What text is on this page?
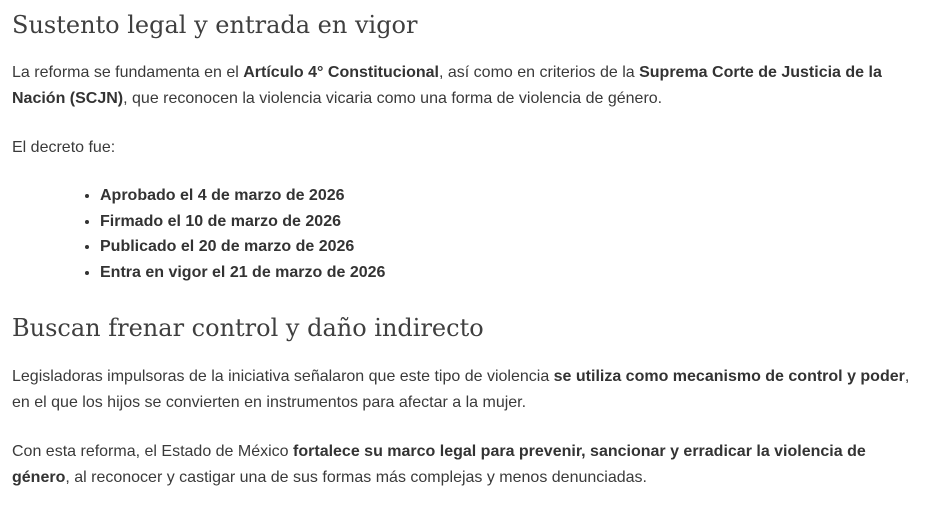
Sustento legal y entrada en vigor

La reforma se fundamenta en el Artículo 4° Constitucional, así como en criterios de la Suprema Corte de Justicia de la Nación (SCJN), que reconocen la violencia vicaria como una forma de violencia de género.

El decreto fue:

• Aprobado el 4 de marzo de 2026
• Firmado el 10 de marzo de 2026
• Publicado el 20 de marzo de 2026
• Entra en vigor el 21 de marzo de 2026
Buscan frenar control y daño indirecto

Legisladoras impulsoras de la iniciativa señalaron que este tipo de violencia se utiliza como mecanismo de control y poder, en el que los hijos se convierten en instrumentos para afectar a la mujer.

Con esta reforma, el Estado de México fortalece su marco legal para prevenir, sancionar y erradicar la violencia de género, al reconocer y castigar una de sus formas más complejas y menos denunciadas.
